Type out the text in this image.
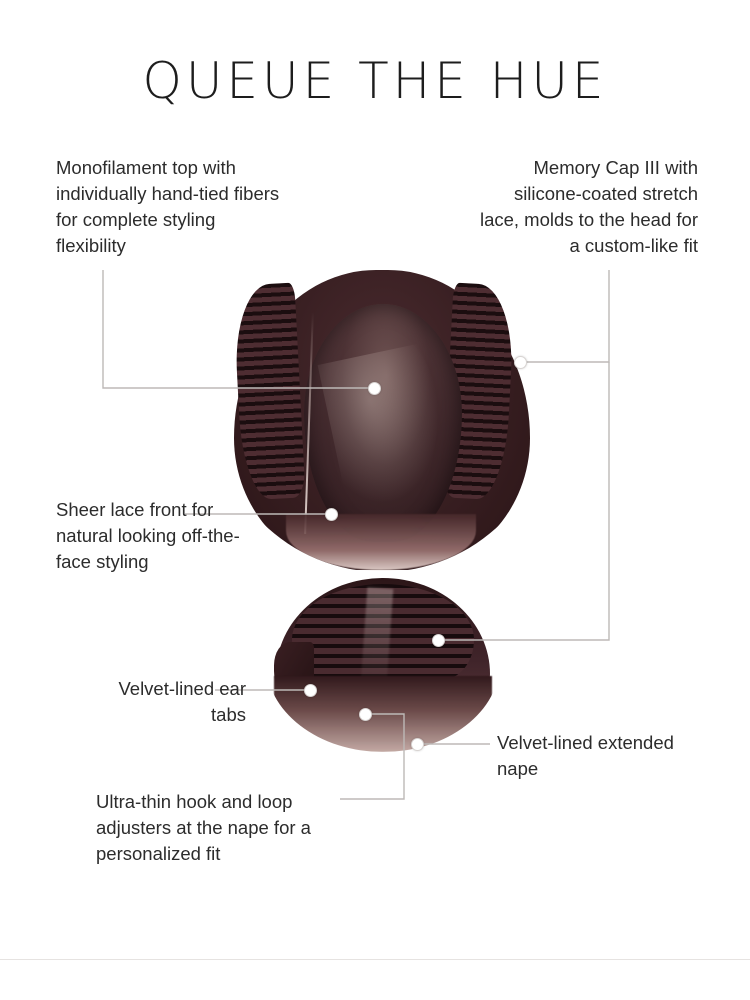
QUEUE THE HUE
Monofilament top with individually hand-tied fibers for complete styling flexibility
Memory Cap III with silicone-coated stretch lace, molds to the head for a custom-like fit
Sheer lace front for natural looking off-the-face styling
Velvet-lined ear tabs
Velvet-lined extended nape
Ultra-thin hook and loop adjusters at the nape for a personalized fit
